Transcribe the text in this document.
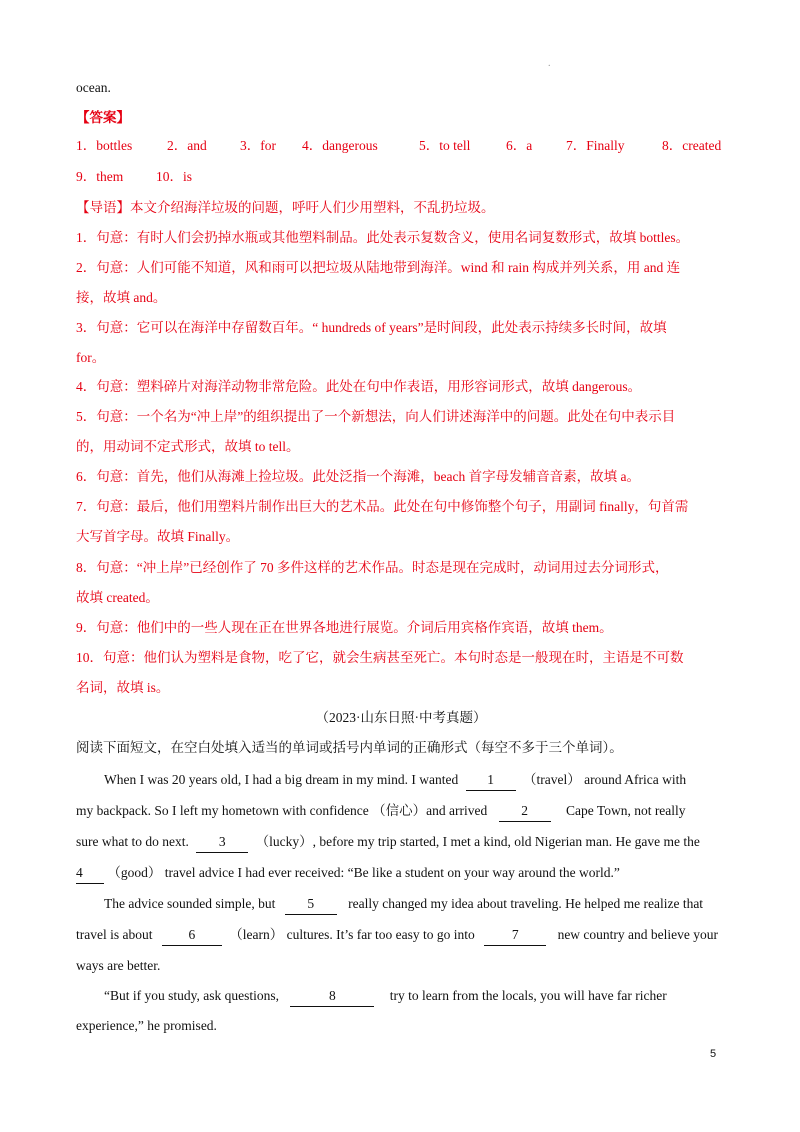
.
ocean.
【答案】
1．bottles	2．and 3．for 4．dangerous	5．to tell	6．a	7．Finally	8．created
9．them 10．is
【导语】本文介绍海洋垃圾的问题，呼吁人们少用塑料，不乱扔垃圾。
1．句意：有时人们会扔掉水瓶或其他塑料制品。此处表示复数含义，使用名词复数形式，故填 bottles。
2．句意：人们可能不知道，风和雨可以把垃圾从陆地带到海洋。wind 和 rain 构成并列关系，用 and 连
接，故填 and。
3．句意：它可以在海洋中存留数百年。“ hundreds of years”是时间段，此处表示持续多长时间，故填
for。
4．句意：塑料碎片对海洋动物非常危险。此处在句中作表语，用形容词形式，故填 dangerous。
5．句意：一个名为“冲上岸”的组织提出了一个新想法，向人们讲述海洋中的问题。此处在句中表示目
的，用动词不定式形式，故填 to tell。
6．句意：首先，他们从海滩上捡垃圾。此处泛指一个海滩，beach 首字母发辅音音素，故填 a。
7．句意：最后，他们用塑料片制作出巨大的艺术品。此处在句中修饰整个句子，用副词 finally，句首需
大写首字母。故填 Finally。
8．句意：“冲上岸”已经创作了 70 多件这样的艺术作品。时态是现在完成时，动词用过去分词形式，
故填 created。
9．句意：他们中的一些人现在正在世界各地进行展览。介词后用宾格作宾语，故填 them。
10．句意：他们认为塑料是食物，吃了它，就会生病甚至死亡。本句时态是一般现在时，主语是不可数
名词，故填 is。
（2023·山东日照·中考真题）
阅读下面短文，在空白处填入适当的单词或括号内单词的正确形式（每空不多于三个单词）。
When I was 20 years old, I had a big dream in my mind. I wanted 1 （travel） around Africa with
my backpack. So I left my hometown with confidence （信心）and arrived	2	Cape Town, not really
sure what to do next. 3 （lucky）, before my trip started, I met a kind, old Nigerian man. He gave me the
4 （good） travel advice I had ever received: “Be like a student on your way around the world.”
The advice sounded simple, but 5	really changed my idea about traveling. He helped me realize that
travel is about	6	（learn） cultures. It’s far too easy to go into	7	new country and believe your
ways are better.
“But if you study, ask questions,	8	try to learn from the locals, you will have far richer
experience,” he promised.
5
